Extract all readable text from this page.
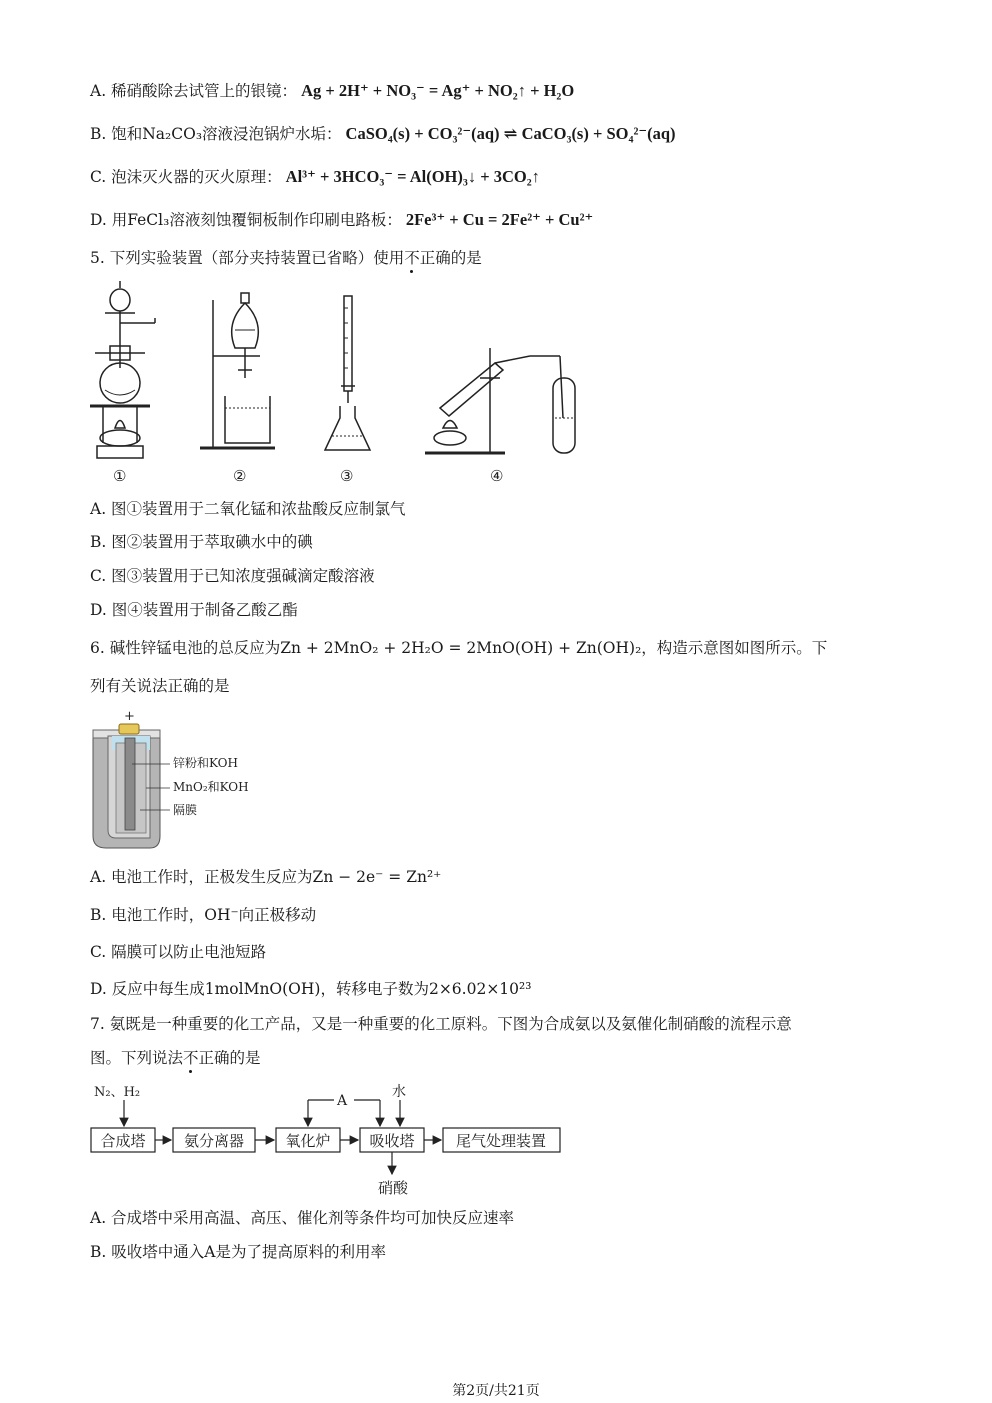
A. 稀硝酸除去试管上的银镜： Ag + 2H⁺ + NO₃⁻ = Ag⁺ + NO₂↑ + H₂O
B. 饱和Na₂CO₃溶液浸泡锅炉水垢： CaSO₄(s) + CO₃²⁻(aq) ⇌ CaCO₃(s) + SO₄²⁻(aq)
C. 泡沫灭火器的灭火原理： Al³⁺ + 3HCO₃⁻ = Al(OH)₃↓ + 3CO₂↑
D. 用FeCl₃溶液刻蚀覆铜板制作印刷电路板： 2Fe³⁺ + Cu = 2Fe²⁺ + Cu²⁺
5. 下列实验装置（部分夹持装置已省略）使用不正确的是
①	②	③	④
A. 图①装置用于二氧化锰和浓盐酸反应制氯气
B. 图②装置用于萃取碘水中的碘
C. 图③装置用于已知浓度强碱滴定酸溶液
D. 图④装置用于制备乙酸乙酯
6. 碱性锌锰电池的总反应为Zn + 2MnO₂ + 2H₂O = 2MnO(OH) + Zn(OH)₂，构造示意图如图所示。下
列有关说法正确的是
+
锌粉和KOH
MnO₂和KOH
隔膜
A. 电池工作时，正极发生反应为Zn − 2e⁻ = Zn²⁺
B. 电池工作时，OH⁻向正极移动
C. 隔膜可以防止电池短路
D. 反应中每生成1molMnO(OH)，转移电子数为2×6.02×10²³
7. 氨既是一种重要的化工产品，又是一种重要的化工原料。下图为合成氨以及氨催化制硝酸的流程示意
图。下列说法不正确的是
N₂、H₂
合成塔	氨分离器	氧化炉	吸收塔	尾气处理装置
A
水
硝酸
A. 合成塔中采用高温、高压、催化剂等条件均可加快反应速率
B. 吸收塔中通入A是为了提高原料的利用率
第2页/共21页
